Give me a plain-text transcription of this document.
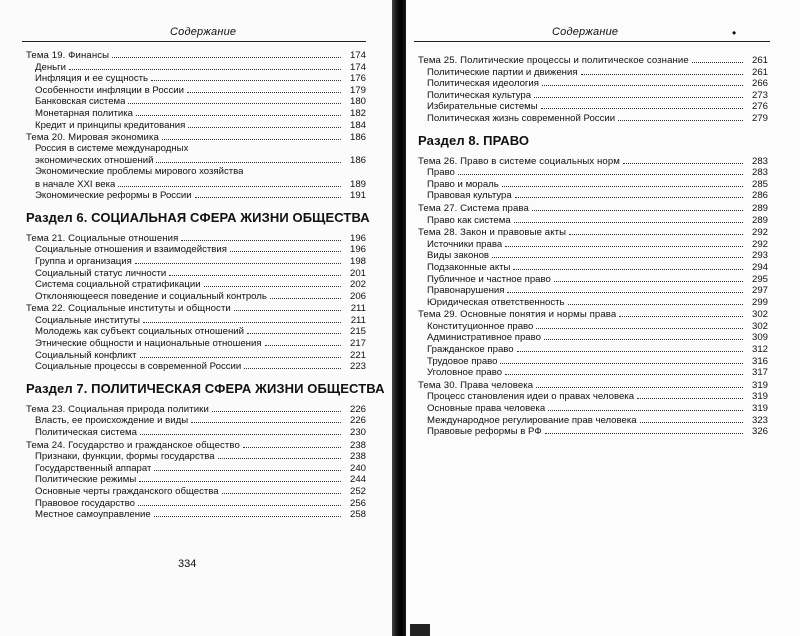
Содержание
Тема 19. Финансы	174
Деньги	174
Инфляция и ее сущность	176
Особенности инфляции в России	179
Банковская система	180
Монетарная политика	182
Кредит и принципы кредитования	184
Тема 20. Мировая экономика	186
Россия в системе международных
экономических отношений	186
Экономические проблемы мирового хозяйства
в начале XXI века	189
Экономические реформы в России	191
Раздел 6. СОЦИАЛЬНАЯ СФЕРА ЖИЗНИ ОБЩЕСТВА
Тема 21. Социальные отношения	196
Социальные отношения и взаимодействия	196
Группа и организация	198
Социальный статус личности	201
Система социальной стратификации	202
Отклоняющееся поведение и социальный контроль	206
Тема 22. Социальные институты и общности	211
Социальные институты	211
Молодежь как субъект социальных отношений	215
Этнические общности и национальные отношения	217
Социальный конфликт	221
Социальные процессы в современной России	223
Раздел 7. ПОЛИТИЧЕСКАЯ СФЕРА ЖИЗНИ ОБЩЕСТВА
Тема 23. Социальная природа политики	226
Власть, ее происхождение и виды	226
Политическая система	230
Тема 24. Государство и гражданское общество	238
Признаки, функции, формы государства	238
Государственный аппарат	240
Политические режимы	244
Основные черты гражданского общества	252
Правовое государство	256
Местное самоуправление	258
334
Содержание	•
Тема 25. Политические процессы и политическое сознание	261
Политические партии и движения	261
Политическая идеология	266
Политическая культура	273
Избирательные системы	276
Политическая жизнь современной России	279
Раздел 8. ПРАВО
Тема 26. Право в системе социальных норм	283
Право	283
Право и мораль	285
Правовая культура	286
Тема 27. Система права	289
Право как система	289
Тема 28. Закон и правовые акты	292
Источники права	292
Виды законов	293
Подзаконные акты	294
Публичное и частное право	295
Правонарушения	297
Юридическая ответственность	299
Тема 29. Основные понятия и нормы права	302
Конституционное право	302
Административное право	309
Гражданское право	312
Трудовое право	316
Уголовное право	317
Тема 30. Права человека	319
Процесс становления идеи о правах человека	319
Основные права человека	319
Международное регулирование прав человека	323
Правовые реформы в РФ	326
